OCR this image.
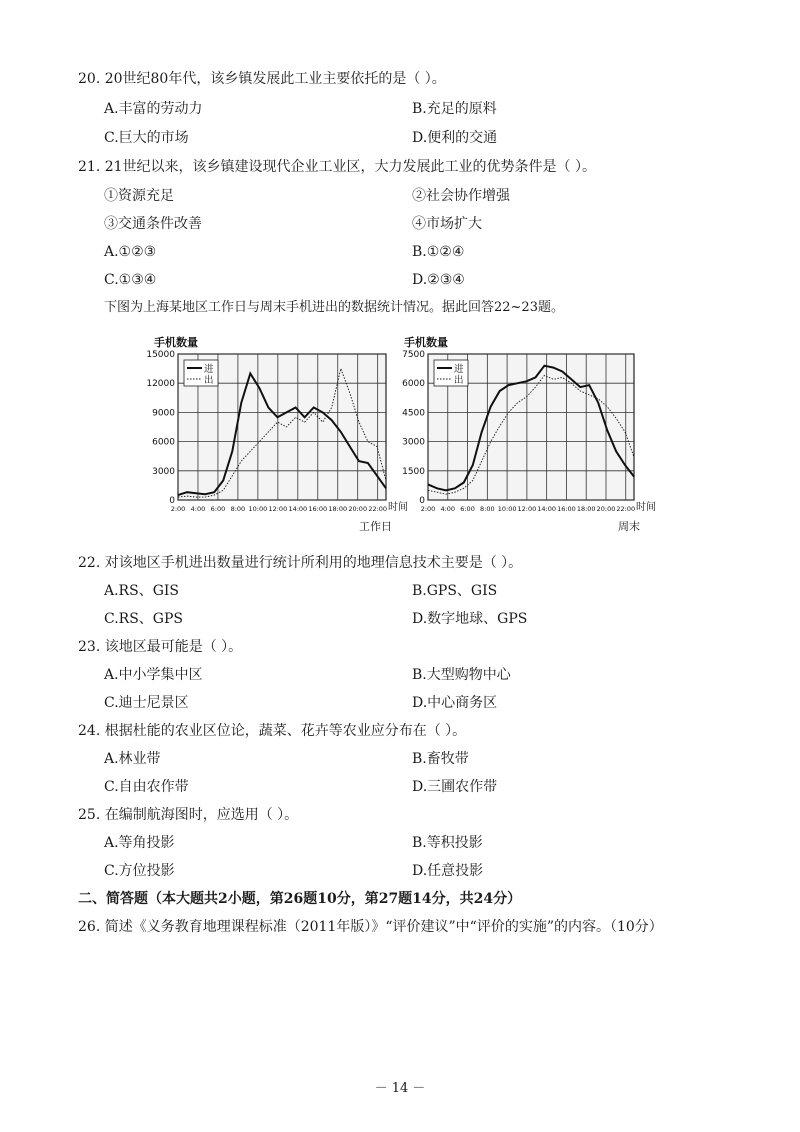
20. 20世纪80年代，该乡镇发展此工业主要依托的是（ ）。
A.丰富的劳动力	B.充足的原料
C.巨大的市场	D.便利的交通
21. 21世纪以来，该乡镇建设现代企业工业区，大力发展此工业的优势条件是（ ）。
①资源充足	②社会协作增强
③交通条件改善	④市场扩大
A.①②③	B.①②④
C.①③④	D.②③④
下图为上海某地区工作日与周末手机进出的数据统计情况。据此回答22~23题。
0
3000
6000
9000
12000
15000
2:00 4:00 6:00 8:00 10:00 12:00 14:00 16:00 18:00 20:00 22:00
手机数量
时间
工作日
进
出
0
1500
3000
4500
6000
7500
2:00 4:00 6:00 8:00 10:00 12:00 14:00 16:00 18:00 20:00 22:00
手机数量
时间
周末
进
出
22. 对该地区手机进出数量进行统计所利用的地理信息技术主要是（ ）。
A.RS、GIS	B.GPS、GIS
C.RS、GPS	D.数字地球、GPS
23. 该地区最可能是（ ）。
A.中小学集中区	B.大型购物中心
C.迪士尼景区	D.中心商务区
24. 根据杜能的农业区位论，蔬菜、花卉等农业应分布在（ ）。
A.林业带	B.畜牧带
C.自由农作带	D.三圃农作带
25. 在编制航海图时，应选用（ ）。
A.等角投影	B.等积投影
C.方位投影	D.任意投影
二、简答题（本大题共2小题，第26题10分，第27题14分，共24分）
26. 简述《义务教育地理课程标准（2011年版）》“评价建议”中“评价的实施”的内容。（10分）
－ 14 －
